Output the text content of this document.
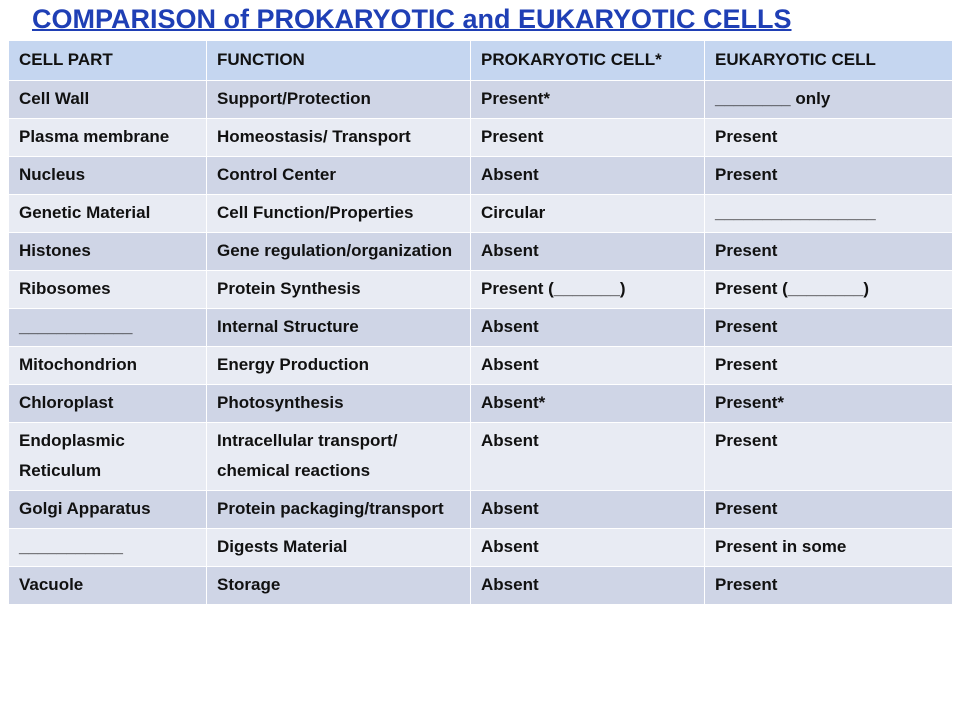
COMPARISON of PROKARYOTIC and EUKARYOTIC CELLS
CELL PART	FUNCTION	PROKARYOTIC CELL*	EUKARYOTIC CELL
Cell Wall	Support/Protection	Present*	________ only
Plasma membrane	Homeostasis/ Transport	Present	Present
Nucleus	Control Center	Absent	Present
Genetic Material	Cell Function/Properties	Circular	_________________
Histones	Gene regulation/organization	Absent	Present
Ribosomes	Protein Synthesis	Present (_______)	Present (________)
____________	Internal Structure	Absent	Present
Mitochondrion	Energy Production	Absent	Present
Chloroplast	Photosynthesis	Absent*	Present*
Endoplasmic Reticulum	Intracellular transport/ chemical reactions	Absent	Present
Golgi Apparatus	Protein packaging/transport	Absent	Present
___________	Digests Material	Absent	Present in some
Vacuole	Storage	Absent	Present
